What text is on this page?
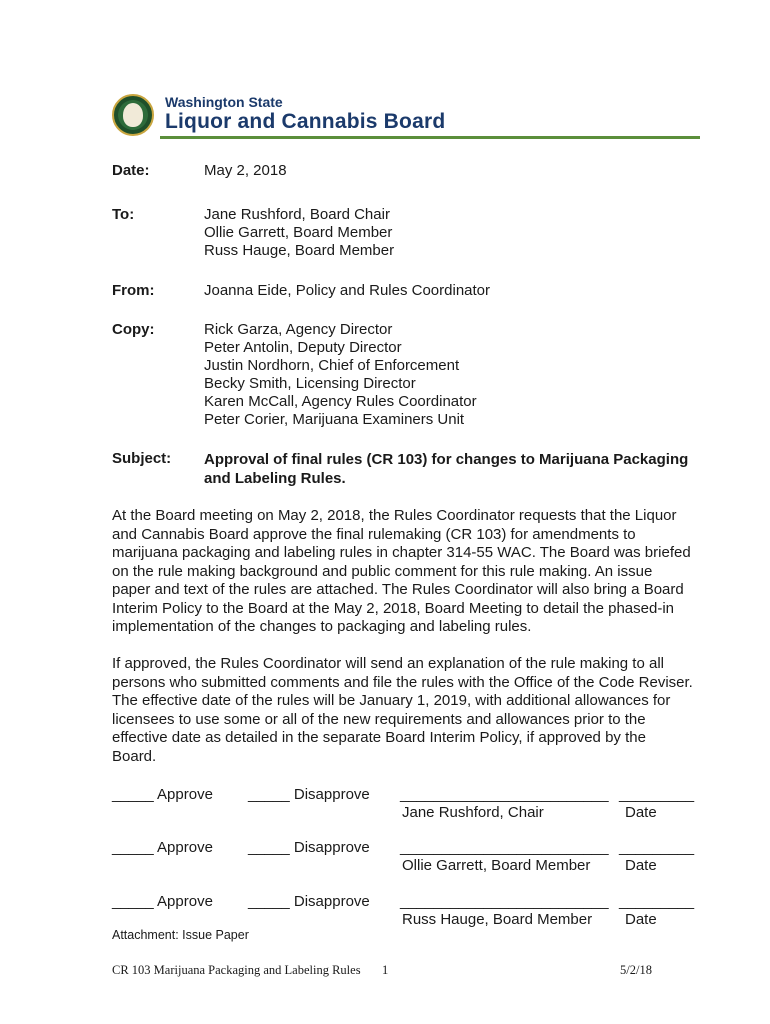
Washington State
Liquor and Cannabis Board
Date:	May 2, 2018
To:	Jane Rushford, Board Chair
Ollie Garrett, Board Member
Russ Hauge, Board Member
From:	Joanna Eide, Policy and Rules Coordinator
Copy:	Rick Garza, Agency Director
Peter Antolin, Deputy Director
Justin Nordhorn, Chief of Enforcement
Becky Smith, Licensing Director
Karen McCall, Agency Rules Coordinator
Peter Corier, Marijuana Examiners Unit
Subject: Approval of final rules (CR 103) for changes to Marijuana Packaging
and Labeling Rules.
At the Board meeting on May 2, 2018, the Rules Coordinator requests that the Liquor
and Cannabis Board approve the final rulemaking (CR 103) for amendments to
marijuana packaging and labeling rules in chapter 314-55 WAC. The Board was briefed
on the rule making background and public comment for this rule making. An issue
paper and text of the rules are attached. The Rules Coordinator will also bring a Board
Interim Policy to the Board at the May 2, 2018, Board Meeting to detail the phased-in
implementation of the changes to packaging and labeling rules.
If approved, the Rules Coordinator will send an explanation of the rule making to all
persons who submitted comments and file the rules with the Office of the Code Reviser.
The effective date of the rules will be January 1, 2019, with additional allowances for
licensees to use some or all of the new requirements and allowances prior to the
effective date as detailed in the separate Board Interim Policy, if approved by the
Board.
_____ Approve _____ Disapprove _________________________ _________
Jane Rushford, Chair	Date
_____ Approve _____ Disapprove _________________________ _________
Ollie Garrett, Board Member Date
_____ Approve _____ Disapprove _________________________ _________
Russ Hauge, Board Member Date
Attachment: Issue Paper
CR 103 Marijuana Packaging and Labeling Rules 1	5/2/18
